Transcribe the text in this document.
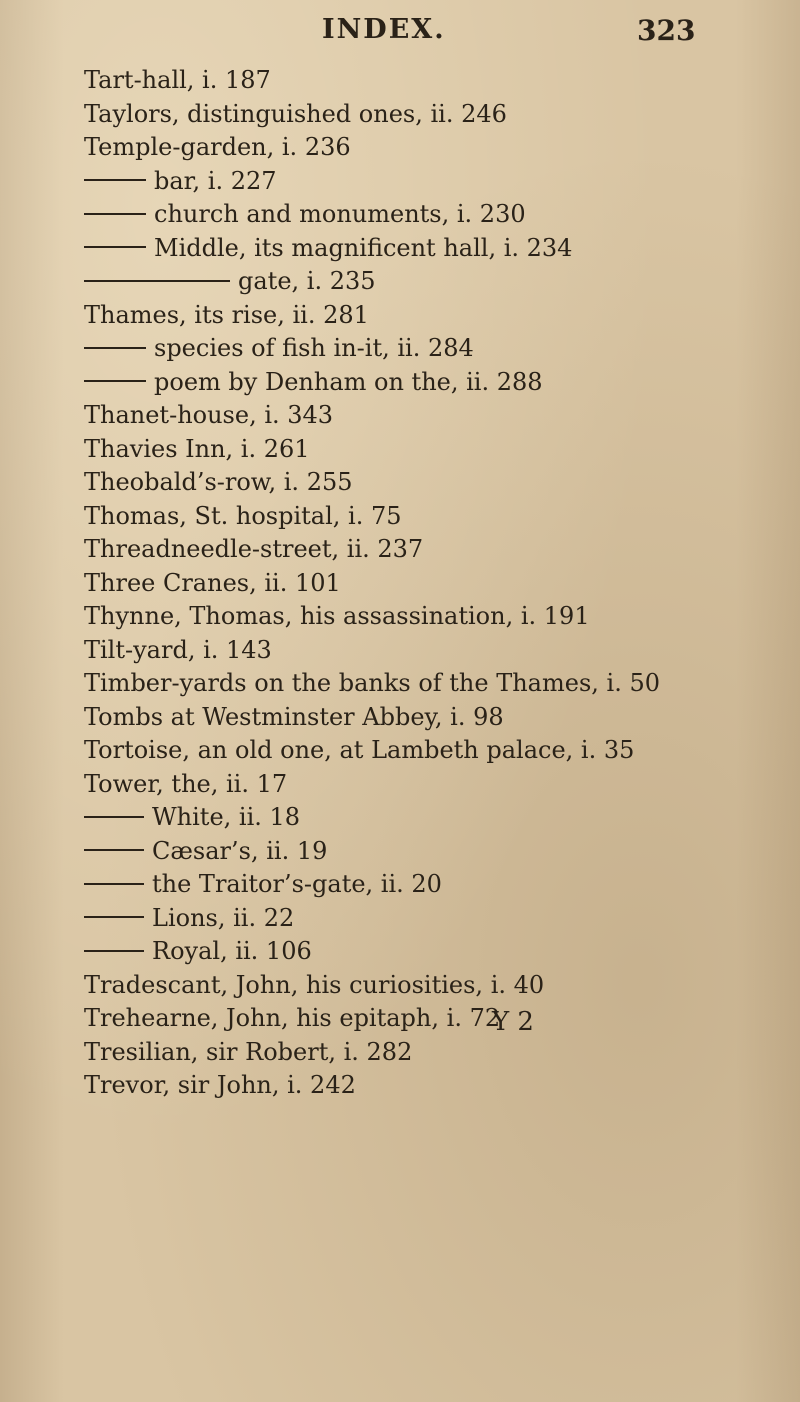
INDEX.	323
Tart-hall, i. 187
Taylors, distinguished ones, ii. 246
Temple-garden, i. 236
bar, i. 227
church and monuments, i. 230
Middle, its magnificent hall, i. 234
gate, i. 235
Thames, its rise, ii. 281
species of fish in-it, ii. 284
poem by Denham on the, ii. 288
Thanet-house, i. 343
Thavies Inn, i. 261
Theobald’s-row, i. 255
Thomas, St. hospital, i. 75
Threadneedle-street, ii. 237
Three Cranes, ii. 101
Thynne, Thomas, his assassination, i. 191
Tilt-yard, i. 143
Timber-yards on the banks of the Thames, i. 50
Tombs at Westminster Abbey, i. 98
Tortoise, an old one, at Lambeth palace, i. 35
Tower, the, ii. 17
White, ii. 18
Cæsar’s, ii. 19
the Traitor’s-gate, ii. 20
Lions, ii. 22
Royal, ii. 106
Tradescant, John, his curiosities, i. 40
Trehearne, John, his epitaph, i. 72
Tresilian, sir Robert, i. 282
Trevor, sir John, i. 242
Y 2
